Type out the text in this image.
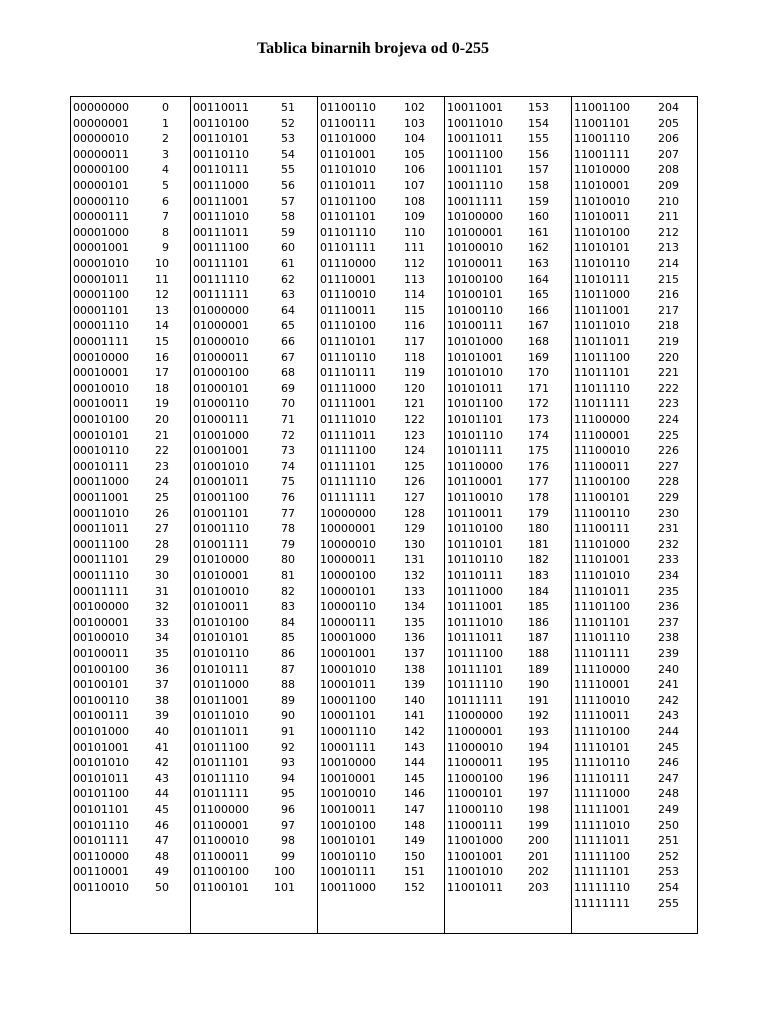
Tablica binarnih brojeva od 0-255
00000000	0
00000001	1
00000010	2
00000011	3
00000100	4
00000101	5
00000110	6
00000111	7
00001000	8
00001001	9
00001010 10
00001011 11
00001100 12
00001101 13
00001110 14
00001111 15
00010000 16
00010001 17
00010010 18
00010011 19
00010100 20
00010101 21
00010110 22
00010111 23
00011000 24
00011001 25
00011010 26
00011011 27
00011100 28
00011101 29
00011110 30
00011111 31
00100000 32
00100001 33
00100010 34
00100011 35
00100100 36
00100101 37
00100110 38
00100111 39
00101000 40
00101001 41
00101010 42
00101011 43
00101100 44
00101101 45
00101110 46
00101111 47
00110000 48
00110001 49
00110010 50
00110011	51
00110100	52
00110101	53
00110110	54
00110111	55
00111000	56
00111001	57
00111010	58
00111011	59
00111100	60
00111101	61
00111110	62
00111111	63
01000000	64
01000001	65
01000010	66
01000011	67
01000100	68
01000101	69
01000110	70
01000111	71
01001000	72
01001001	73
01001010	74
01001011	75
01001100	76
01001101	77
01001110	78
01001111	79
01010000	80
01010001	81
01010010	82
01010011	83
01010100	84
01010101	85
01010110	86
01010111	87
01011000	88
01011001	89
01011010	90
01011011	91
01011100	92
01011101	93
01011110	94
01011111	95
01100000	96
01100001	97
01100010	98
01100011	99
01100100 100
01100101 101
01100110	102
01100111	103
01101000	104
01101001	105
01101010	106
01101011	107
01101100	108
01101101	109
01101110	110
01101111	111
01110000	112
01110001	113
01110010	114
01110011	115
01110100	116
01110101	117
01110110	118
01110111	119
01111000	120
01111001	121
01111010	122
01111011	123
01111100	124
01111101	125
01111110	126
01111111	127
10000000	128
10000001	129
10000010	130
10000011	131
10000100	132
10000101	133
10000110	134
10000111	135
10001000	136
10001001	137
10001010	138
10001011	139
10001100	140
10001101	141
10001110	142
10001111	143
10010000	144
10010001	145
10010010	146
10010011	147
10010100	148
10010101	149
10010110	150
10010111	151
10011000	152
10011001 153
10011010 154
10011011 155
10011100 156
10011101 157
10011110 158
10011111 159
10100000 160
10100001 161
10100010 162
10100011 163
10100100 164
10100101 165
10100110 166
10100111 167
10101000 168
10101001 169
10101010 170
10101011 171
10101100 172
10101101 173
10101110 174
10101111 175
10110000 176
10110001 177
10110010 178
10110011 179
10110100 180
10110101 181
10110110 182
10110111 183
10111000 184
10111001 185
10111010 186
10111011 187
10111100 188
10111101 189
10111110 190
10111111 191
11000000 192
11000001 193
11000010 194
11000011 195
11000100 196
11000101 197
11000110 198
11000111 199
11001000 200
11001001 201
11001010 202
11001011 203
11001100	204
11001101	205
11001110	206
11001111	207
11010000	208
11010001	209
11010010	210
11010011	211
11010100	212
11010101	213
11010110	214
11010111	215
11011000	216
11011001	217
11011010	218
11011011	219
11011100	220
11011101	221
11011110	222
11011111	223
11100000	224
11100001	225
11100010	226
11100011	227
11100100	228
11100101	229
11100110	230
11100111	231
11101000	232
11101001	233
11101010	234
11101011	235
11101100	236
11101101	237
11101110	238
11101111	239
11110000	240
11110001	241
11110010	242
11110011	243
11110100	244
11110101	245
11110110	246
11110111	247
11111000	248
11111001	249
11111010	250
11111011	251
11111100	252
11111101	253
11111110	254
11111111	255
